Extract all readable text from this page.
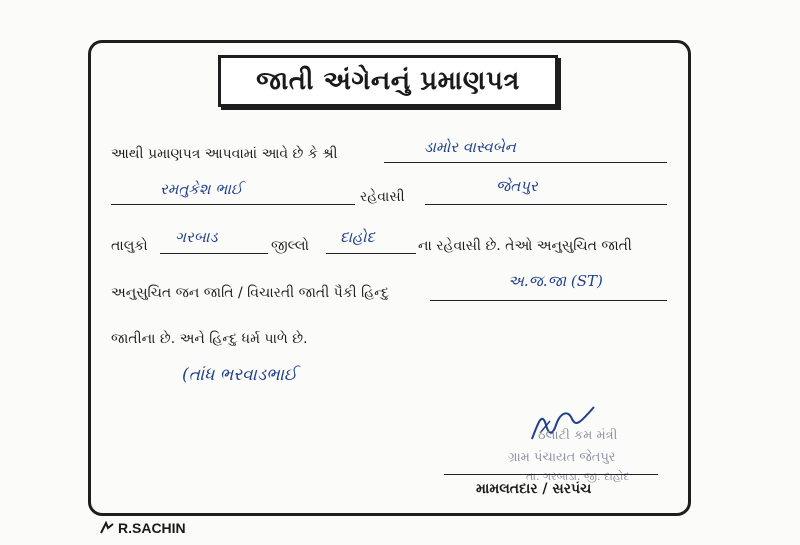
જાતી અંગેનનું પ્રમાણપત્ર
આથી પ્રમાણપત્ર આપવામાં આવે છે કે શ્રી	ડામોર વાસ્વબેન
રમતુકેશ ભાઈ	રહેવાસી
જેતપુર
તાલુકો ગરબાડ	જીલ્લો દાહોદ	ના રહેવાસી છે. તેઓ અનુસુચિત જાતી
અનુસુચિત જન જાતિ / વિચારતી જાતી પૈકી હિન્દુ
અ.જ.જા (ST)
જાતીના છે. અને હિન્દુ ધર્મ પાળે છે.
(તાંધ ભરવાડભાઈ
ઠલાટી કમ મંત્રી
ગ્રામ પંચાયત જેતપુર
તા. ગરબાડા. જી. દાહોદ
મામલતદાર / સરપંચ
R.SACHIN
